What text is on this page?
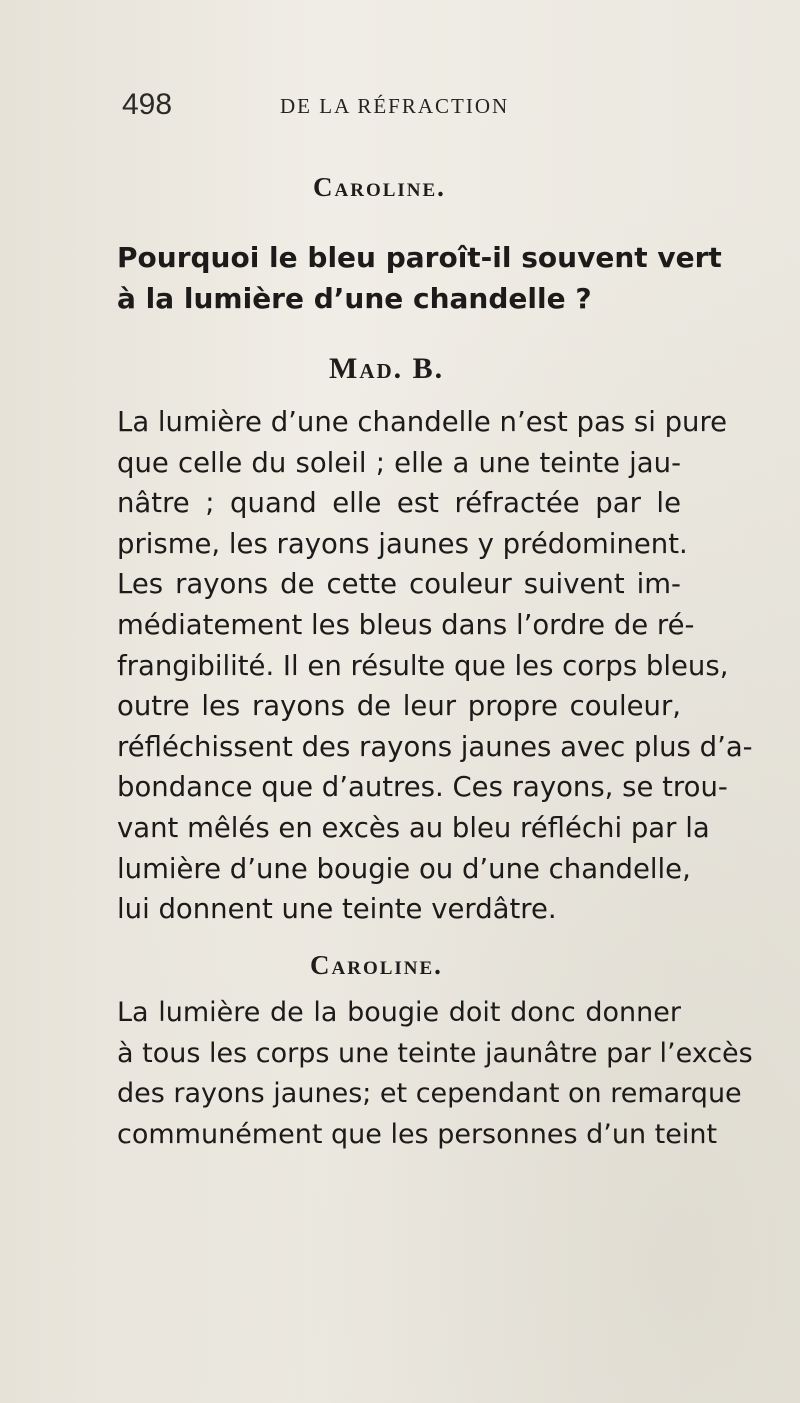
498	DE LA RÉFRACTION
Caroline.

Pourquoi le bleu paroît-il souvent vert
à la lumière d’une chandelle ?

Mad. B.

La lumière d’une chandelle n’est pas si pure
que celle du soleil ; elle a une teinte jau-
nâtre ; quand elle est réfractée par le
prisme, les rayons jaunes y prédominent.
Les rayons de cette couleur suivent im-
médiatement les bleus dans l’ordre de ré-
frangibilité. Il en résulte que les corps bleus,
outre les rayons de leur propre couleur,
réfléchissent des rayons jaunes avec plus d’a-
bondance que d’autres. Ces rayons, se trou-
vant mêlés en excès au bleu réfléchi par la
lumière d’une bougie ou d’une chandelle,
lui donnent une teinte verdâtre.

Caroline.

La lumière de la bougie doit donc donner
à tous les corps une teinte jaunâtre par l’excès
des rayons jaunes; et cependant on remarque
communément que les personnes d’un teint
